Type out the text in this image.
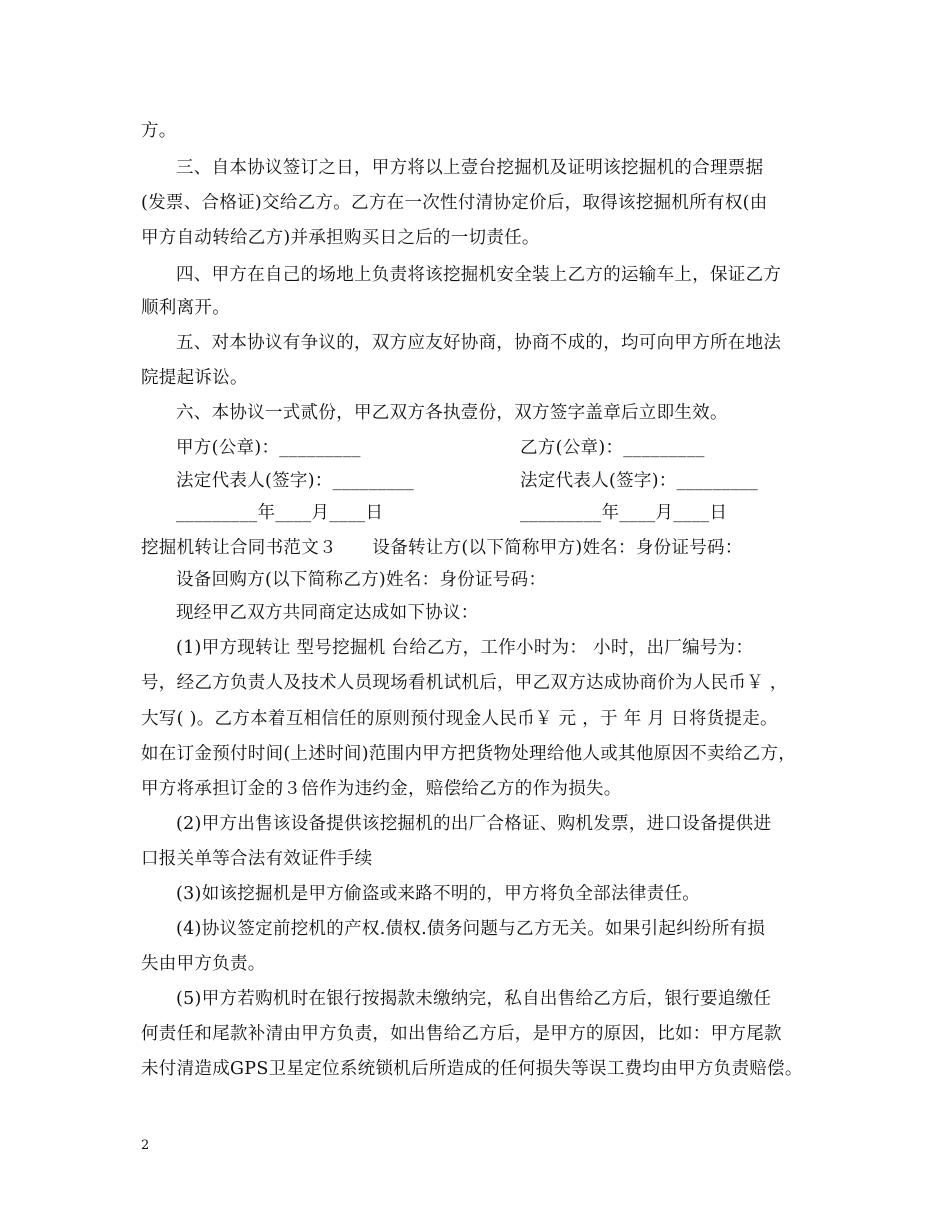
方。

三、自本协议签订之日，甲方将以上壹台挖掘机及证明该挖掘机的合理票据

(发票、合格证)交给乙方。乙方在一次性付清协定价后，取得该挖掘机所有权(由

甲方自动转给乙方)并承担购买日之后的一切责任。

四、甲方在自己的场地上负责将该挖掘机安全装上乙方的运输车上，保证乙方

顺利离开。

五、对本协议有争议的，双方应友好协商，协商不成的，均可向甲方所在地法

院提起诉讼。

六、本协议一式贰份，甲乙双方各执壹份，双方签字盖章后立即生效。

甲方(公章)：_________	乙方(公章)：_________

法定代表人(签字)：_________	法定代表人(签字)：_________

_________年____月____日	_________年____月____日

挖掘机转让合同书范文３　　设备转让方(以下简称甲方)姓名：身份证号码：

设备回购方(以下简称乙方)姓名：身份证号码：

现经甲乙双方共同商定达成如下协议：

(1)甲方现转让 型号挖掘机 台给乙方，工作小时为： 小时，出厂编号为：

号，经乙方负责人及技术人员现场看机试机后，甲乙双方达成协商价为人民币￥ ，

大写( )。乙方本着互相信任的原则预付现金人民币￥ 元 ，于 年 月 日将货提走。

如在订金预付时间(上述时间)范围内甲方把货物处理给他人或其他原因不卖给乙方，

甲方将承担订金的３倍作为违约金，赔偿给乙方的作为损失。

(2)甲方出售该设备提供该挖掘机的出厂合格证、购机发票，进口设备提供进

口报关单等合法有效证件手续

(3)如该挖掘机是甲方偷盗或来路不明的，甲方将负全部法律责任。

(4)协议签定前挖机的产权.债权.债务问题与乙方无关。如果引起纠纷所有损

失由甲方负责。

(5)甲方若购机时在银行按揭款未缴纳完，私自出售给乙方后，银行要追缴任

何责任和尾款补清由甲方负责，如出售给乙方后，是甲方的原因，比如：甲方尾款

未付清造成GPS卫星定位系统锁机后所造成的任何损失等误工费均由甲方负责赔偿。

2
